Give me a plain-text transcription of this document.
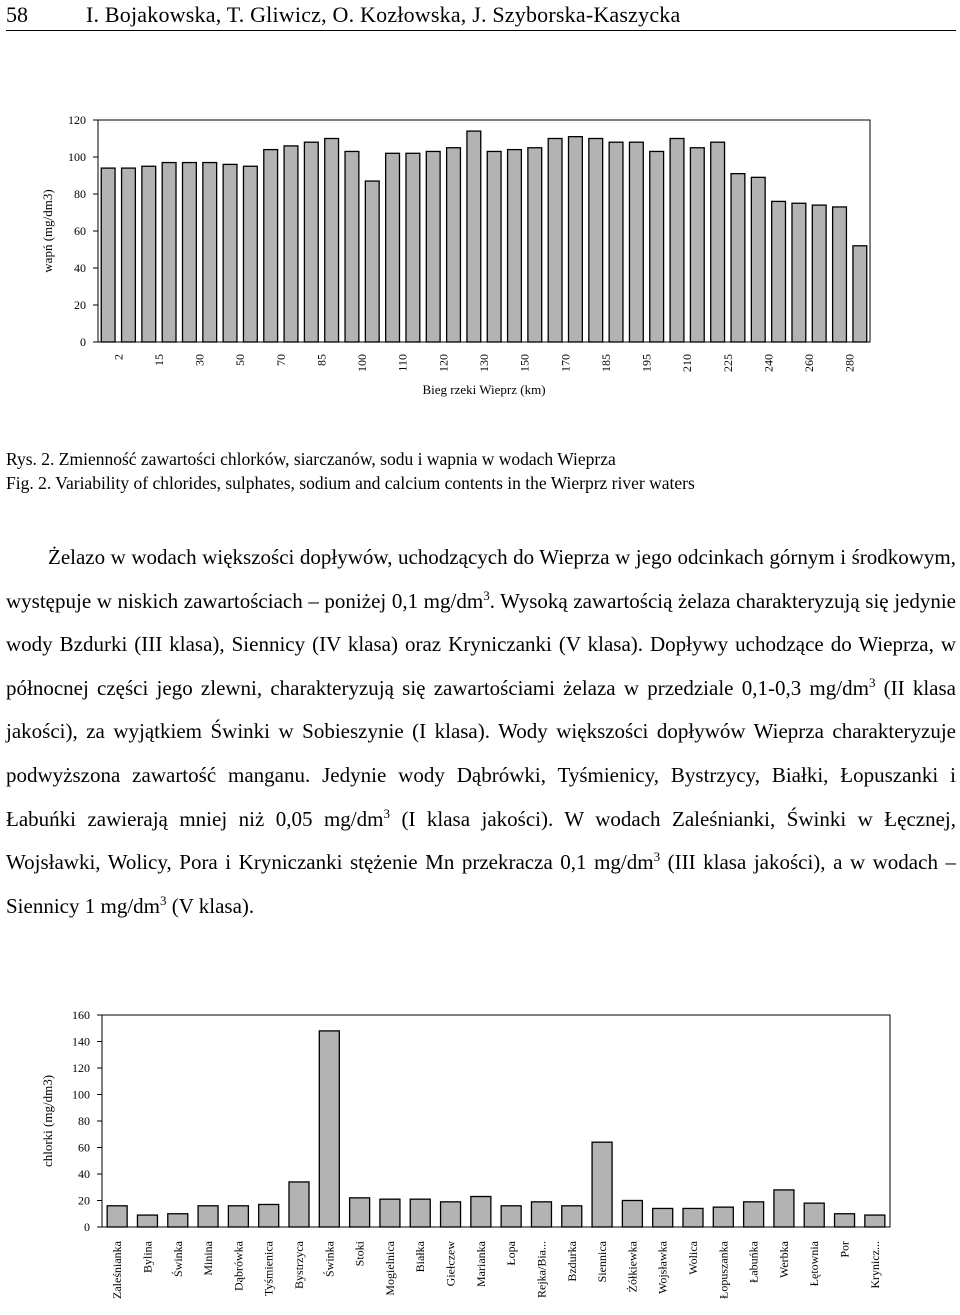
58	I. Bojakowska, T. Gliwicz, O. Kozłowska, J. Szyborska-Kaszycka
0
20
40
60
80
100
120
wapń (mg/dm3)
Bieg rzeki Wieprz (km)
2 15 30 50 70 85 100 110 120 130 150 170 185 195 210 225 240 260 280
Rys. 2. Zmienność zawartości chlorków, siarczanów, sodu i wapnia w wodach Wieprza
Fig. 2. Variability of chlorides, sulphates, sodium and calcium contents in the Wierprz river waters
Żelazo w wodach większości dopływów, uchodzących do Wieprza w jego odcinkach górnym i środkowym, występuje w niskich zawartościach – poniżej 0,1 $mg/dm^3$. Wysoką zawartością żelaza charakteryzują się jedynie wody Bzdurki (III klasa), Siennicy (IV klasa) oraz Kryniczanki (V klasa). Dopływy uchodzące do Wieprza, w północnej części jego zlewni, charakteryzują się zawartościami żelaza w przedziale 0,1-0,3 $mg/dm^3$ (II klasa jakości), za wyjątkiem Świnki w Sobieszynie (I klasa). Wody większości dopływów Wieprza charakteryzuje podwyższona zawartość manganu. Jedynie wody Dąbrówki, Tyśmienicy, Bystrzycy, Białki, Łopuszanki i Łabuńki zawierają mniej niż 0,05 $mg/dm^3$ (I klasa jakości). W wodach Zaleśnianki, Świnki w Łęcznej, Wojsławki, Wolicy, Pora i Kryniczanki stężenie Mn przekracza 0,1 $mg/dm^3$ (III klasa jakości), a w wodach – Siennicy 1 $mg/dm^3$ (V klasa).
0
20
40
60
80
100
120
140
160
chlorki (mg/dm3)
Zaleśnianka Bylina Świnka Minina Dąbrówka Tyśmienica Bystrzyca Świnka Stoki Mogielnica Białka Giełczew Marianka Łopa Rejka/Bia... Bzdurka Siennica Żółkiewka Wojsławka Wolica Łopuszanka Łabuńka Werbka Łętownia Por Krynicz...
